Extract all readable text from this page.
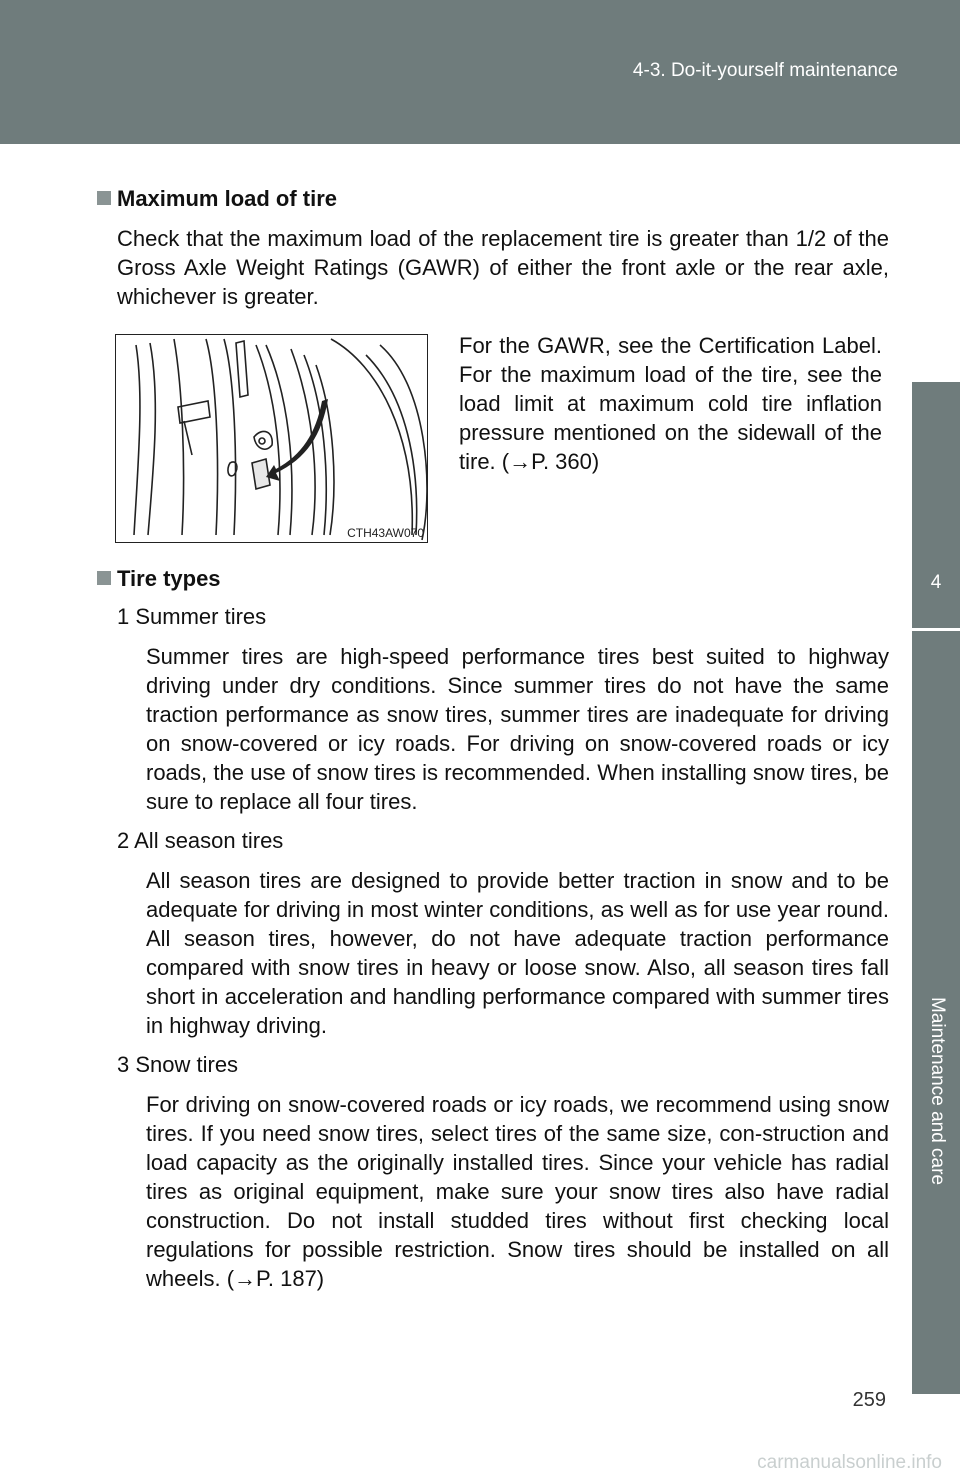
4-3. Do-it-yourself maintenance
4
Maintenance and care
Maximum load of tire
Check that the maximum load of the replacement tire is greater than 1/2 of the Gross Axle Weight Ratings (GAWR) of either the front axle or the rear axle, whichever is greater.
CTH43AW070
For the GAWR, see the Certification Label. For the maximum load of the tire, see the load limit at maximum cold tire inflation pressure mentioned on the sidewall of the tire. (→P. 360)
Tire types
1 Summer tires
Summer tires are high-speed performance tires best suited to highway driving under dry conditions. Since summer tires do not have the same traction performance as snow tires, summer tires are inadequate for driving on snow-covered or icy roads. For driving on snow-covered roads or icy roads, the use of snow tires is recommended. When installing snow tires, be sure to replace all four tires.
2 All season tires
All season tires are designed to provide better traction in snow and to be adequate for driving in most winter conditions, as well as for use year round. All season tires, however, do not have adequate traction performance compared with snow tires in heavy or loose snow. Also, all season tires fall short in acceleration and handling performance compared with summer tires in highway driving.
3 Snow tires
For driving on snow-covered roads or icy roads, we recommend using snow tires. If you need snow tires, select tires of the same size, con-struction and load capacity as the originally installed tires. Since your vehicle has radial tires as original equipment, make sure your snow tires also have radial construction. Do not install studded tires without first checking local regulations for possible restriction. Snow tires should be installed on all wheels. (→P. 187)
259
carmanualsonline.info
